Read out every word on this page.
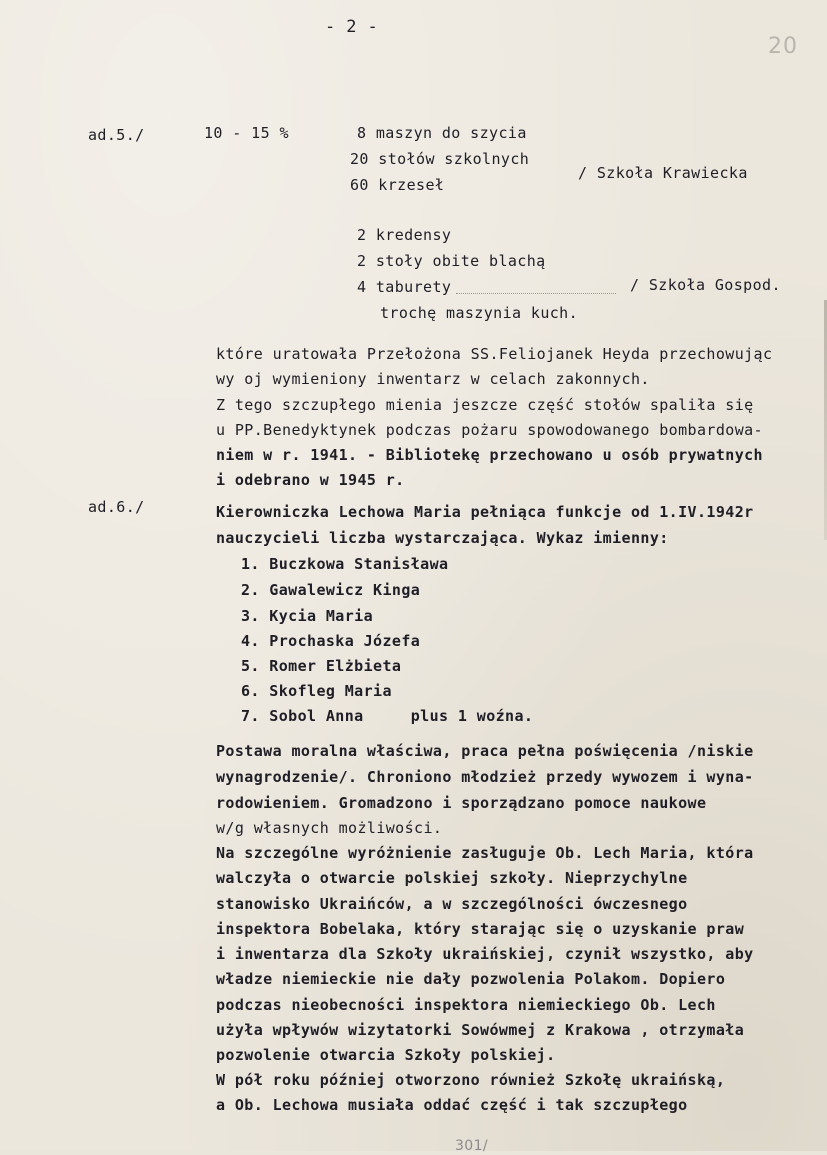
- 2 -
20
ad.5./	10 - 15 %	8 maszyn do szycia
20 stołów szkolnych
60 krzeseł
/ Szkoła Krawiecka
2 kredensy
2 stoły obite blachą
4 taburety
trochę maszynia kuch.
/ Szkoła Gospod.
które uratowała Przełożona SS.Feliojanek Heyda przechowując
wy oj wymieniony inwentarz w celach zakonnych.
Z tego szczupłego mienia jeszcze część stołów spaliła się
u PP.Benedyktynek podczas pożaru spowodowanego bombardowa-
niem w r. 1941. - Bibliotekę przechowano u osób prywatnych
i odebrano w 1945 r.
ad.6./	Kierowniczka Lechowa Maria pełniąca funkcje od 1.IV.1942r
nauczycieli liczba wystarczająca. Wykaz imienny:
1. Buczkowa Stanisława
2. Gawalewicz Kinga
3. Kycia Maria
4. Prochaska Józefa
5. Romer Elżbieta
6. Skofleg Maria
7. Sobol Anna     plus 1 woźna.
Postawa moralna właściwa, praca pełna poświęcenia /niskie
wynagrodzenie/. Chroniono młodzież przedy wywozem i wyna-
rodowieniem. Gromadzono i sporządzano pomoce naukowe
w/g własnych możliwości.
Na szczególne wyróżnienie zasługuje Ob. Lech Maria, która
walczyła o otwarcie polskiej szkoły. Nieprzychylne
stanowisko Ukraińców, a w szczególności ówczesnego
inspektora Bobelaka, który starając się o uzyskanie praw
i inwentarza dla Szkoły ukraińskiej, czynił wszystko, aby
władze niemieckie nie dały pozwolenia Polakom. Dopiero
podczas nieobecności inspektora niemieckiego Ob. Lech
użyła wpływów wizytatorki Sowówmej z Krakowa , otrzymała
pozwolenie otwarcia Szkoły polskiej.
W pół roku później otworzono również Szkołę ukraińską,
a Ob. Lechowa musiała oddać część i tak szczupłego
301/
